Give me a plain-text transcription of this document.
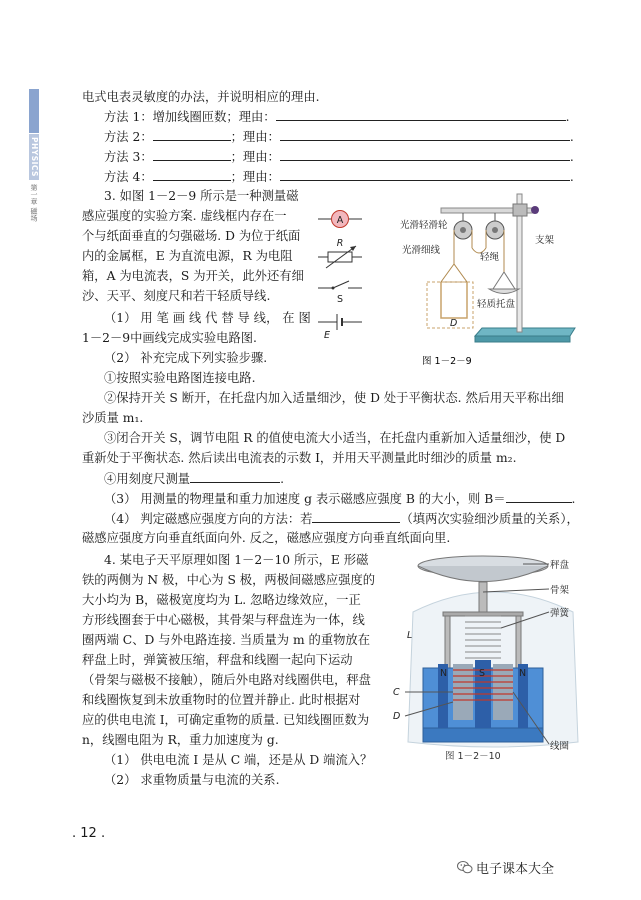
PHYSICS
第一章 磁场
电式电表灵敏度的办法，并说明相应的理由.
方法 1：增加线圈匝数；理由：	.
方法 2：	；理由：	.
方法 3：	；理由：	.
方法 4：	；理由：	.
3. 如图 1－2－9 所示是一种测量磁
感应强度的实验方案. 虚线框内存在一
个与纸面垂直的匀强磁场. D 为位于纸面
内的金属框，E 为直流电源，R 为电阻
箱，A 为电流表，S 为开关，此外还有细
沙、天平、刻度尺和若干轻质导线.
（1） 用 笔 画 线 代 替 导 线， 在 图
1－2－9中画线完成实验电路图.
（2） 补充完成下列实验步骤.
①按照实验电路图连接电路.
A
R
S
E
光滑轻滑轮
光滑细线
轻绳
支架
轻质托盘
D
图 1－2－9
②保持开关 S 断开，在托盘内加入适量细沙，使 D 处于平衡状态. 然后用天平称出细
沙质量 m₁.
③闭合开关 S，调节电阻 R 的值使电流大小适当，在托盘内重新加入适量细沙，使 D
重新处于平衡状态. 然后读出电流表的示数 I，并用天平测量此时细沙的质量 m₂.
④用刻度尺测量	.
（3） 用测量的物理量和重力加速度 g 表示磁感应强度 B 的大小，则 B＝	.
（4） 判定磁感应强度方向的方法：若	（填两次实验细沙质量的关系），
磁感应强度方向垂直纸面向外. 反之，磁感应强度方向垂直纸面向里.
4. 某电子天平原理如图 1－2－10 所示，E 形磁
铁的两侧为 N 极，中心为 S 极，两极间磁感应强度的
大小均为 B，磁极宽度均为 L. 忽略边缘效应，一正
方形线圈套于中心磁极，其骨架与秤盘连为一体，线
圈两端 C、D 与外电路连接. 当质量为 m 的重物放在
秤盘上时，弹簧被压缩，秤盘和线圈一起向下运动
（骨架与磁极不接触），随后外电路对线圈供电，秤盘
和线圈恢复到未放重物时的位置并静止. 此时根据对
应的供电电流 I，可确定重物的质量. 已知线圈匝数为
n，线圈电阻为 R，重力加速度为 g.
（1） 供电电流 I 是从 C 端，还是从 D 端流入？
（2） 求重物质量与电流的关系.
秤盘
骨架
弹簧
线圈
L
C
D
N	S	N
图 1－2－10
. 12 .
电子课本大全
